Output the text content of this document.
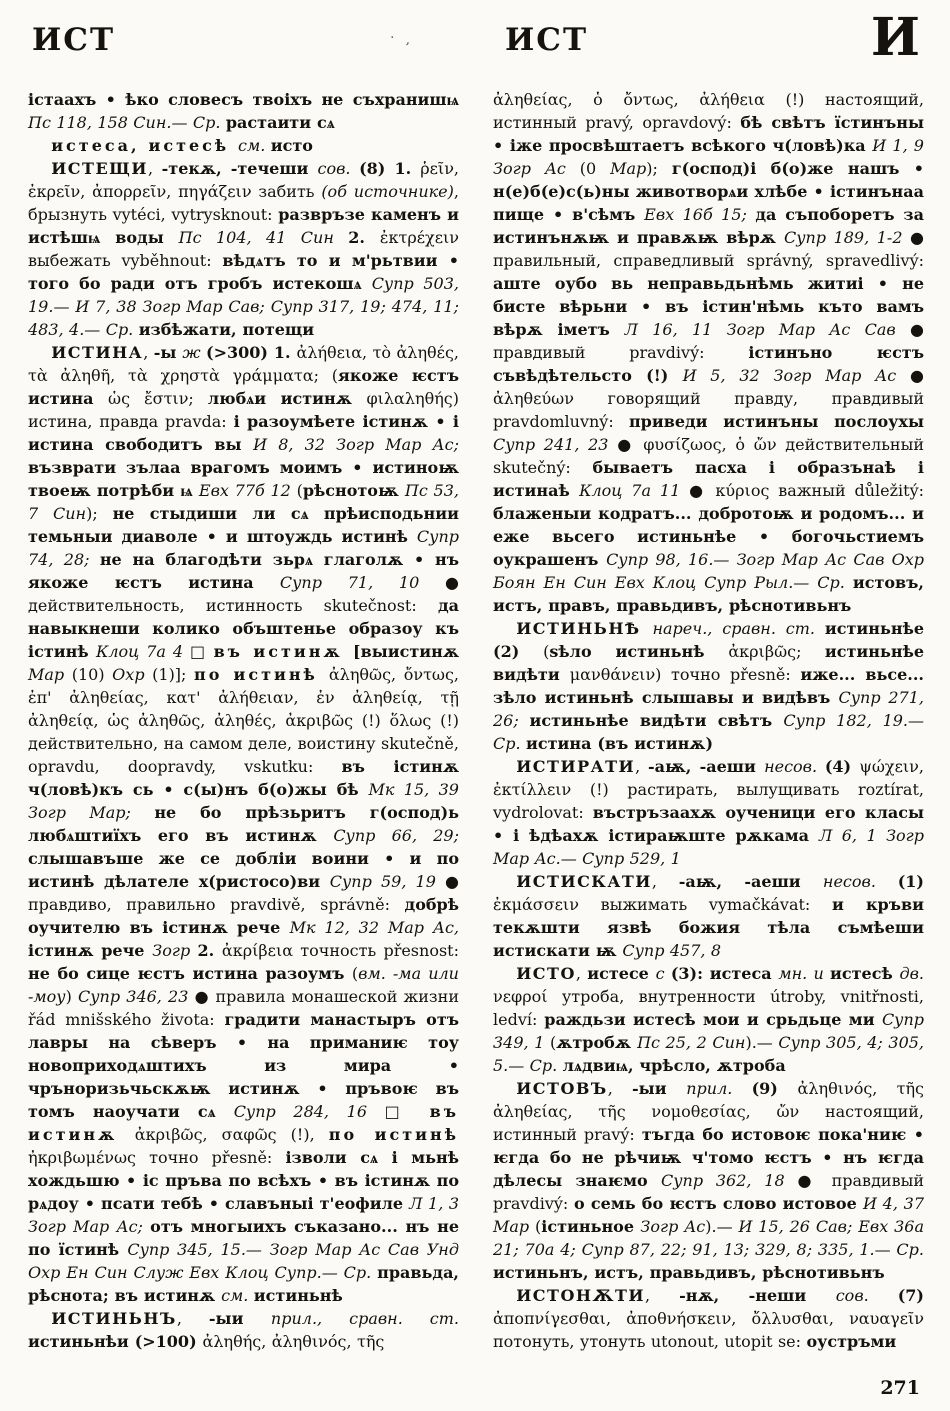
ИСТ	· ,	ИСТ	И

істаахъ • ѣко словесъ твоіхъ не съхранишѩ Пс 118, 158 Син.— Ср. растаити сѧ

истеса, истесѣ см. исто

ИСТЕЩИ, -текѫ, -течеши сов. (8) 1. ῥεῖν, ἐκρεῖν, ἀπορρεῖν, πηγάζειν забить (об источнике), брызнуть vytéci, vytrysknout: развръзе каменъ и истѣшѩ воды Пс 104, 41 Син 2. ἐκτρέχειν выбежать vyběhnout: вѣдѧтъ то и м'рьтвии • того бо ради отъ гробъ истекошѧ Супр 503, 19.— И 7, 38 Зогр Мар Сав; Супр 317, 19; 474, 11; 483, 4.— Ср. избѣжати, потещи

ИСТИНА, -ы ж (>300) 1. ἀλήθεια, τὸ ἀληθές, τὰ ἀληθῆ, τὰ χρηστὰ γράμματα; (якоже ѥстъ истина ὡς ἔστιν; любѧи истинѫ φιλαληθής) истина, правда pravda: і разоумѣете істинѫ • і истина свободитъ вы И 8, 32 Зогр Мар Ас; възврати зълаа врагомъ моимъ • истиноѭ твоеѭ потрѣби ѩ Евх 77б 12 (рѣснотоѭ Пс 53, 7 Син); не стыдиши ли сѧ прѣисподьнии темьныи диаволе • и штоуждь истинѣ Супр 74, 28; не на благодѣти зьрѧ глаголѫ • нъ якоже ѥстъ истина Супр 71, 10 ● действительность, истинность skutečnost: да навыкнеши колико объштенье образоу къ істинѣ Клоц 7а 4 □ въ истинѫ [выистинѫ Мар (10) Охр (1)]; по истинѣ ἀληθῶς, ὄντως, ἐπ' ἀληθείας, κατ' ἀλήθειαν, ἐν ἀληθείᾳ, τῇ ἀληθείᾳ, ὡς ἀληθῶς, ἀληθές, ἀκριβῶς (!) ὅλως (!) действительно, на самом деле, воистину skutečně, opravdu, doopravdy, vskutku: въ істинѫ ч(ловѣ)къ сь • с(ы)нъ б(о)жы бѣ Мк 15, 39 Зогр Мар; не бо прѣзьритъ г(оспод)ь любѧштиїхъ его въ истинѫ Супр 66, 29; слышавъше же се добліи воини • и по истинѣ дѣлателе х(ристосо)ви Супр 59, 19 ● правдиво, правильно pravdivě, správně: добрѣ оучителю въ істинѫ рече Мк 12, 32 Мар Ас, істинѫ рече Зогр 2. ἀκρίβεια точность přesnost: не бо сице ѥстъ истина разоумъ (вм. -ма или -моу) Супр 346, 23 ● правила монашеской жизни řád mnišského života: градити манастыръ отъ лавры на сѣверъ • на приманиѥ тоу новоприходѧштихъ из мира • чръноризьчьскѫѭ истинѫ • пръвоѥ въ томъ наоучати сѧ Супр 284, 16 □ въ истинѫ ἀκριβῶς, σαφῶς (!), по истинѣ ἠκριβωμένως точно přesně: ізволи сѧ і мьнѣ хождьшю • іс пръва по всѣхъ • въ істинѫ по рѧдоу • псати тебѣ • славъныі т'еофиле Л 1, 3 Зогр Мар Ас; отъ многыихъ съказано... нъ не по їстинѣ Супр 345, 15.— Зогр Мар Ас Сав Унд Охр Ен Син Служ Евх Клоц Супр.— Ср. правьда, рѣснота; въ истинѫ см. истиньнѣ

ИСТИНЬНЪ, -ыи прил., сравн. ст. истиньнѣи (>100) ἀληθής, ἀληθινός, τῆς

ἀληθείας, ὁ ὄντως, ἀλήθεια (!) настоящий, истинный pravý, opravdový: бѣ свѣтъ їстинъны • іже просвѣштаетъ всѣкого ч(ловѣ)ка И 1, 9 Зогр Ас (0 Мар); г(оспод)і б(о)же нашъ • н(е)б(е)с(ь)ны животворѧи хлѣбе • істинънаа пище • в'сѣмъ Евх 16б 15; да съпоборетъ за истинънѫѭ и правѫѭ вѣрѫ Супр 189, 1-2 ● правильный, справедливый správný, spravedlivý: аште оубо вь неправьдьнѣмь житиі • не бисте вѣрьни • въ істин'нѣмь къто вамъ вѣрѫ іметъ Л 16, 11 Зогр Мар Ас Сав ● правдивый pravdivý: істинъно ѥстъ съвѣдѣтельсто (!) И 5, 32 Зогр Мар Ас ● ἀληθεύων говорящий правду, правдивый pravdomluvný: приведи истинъны послоухы Супр 241, 23 ● φυσίζωος, ὁ ὤν действительный skutečný: бываетъ пасха і образънаѣ і истинаѣ Клоц 7а 11 ● κύριος важный důležitý: блаженыи кодратъ... добротоѭ и родомъ... и еже вьсего истиньнѣе • богочьстиемъ оукрашенъ Супр 98, 16.— Зогр Мар Ас Сав Охр Боян Ен Син Евх Клоц Супр Рыл.— Ср. истовъ, истъ, правъ, правьдивъ, рѣснотивьнъ

ИСТИНЬНѢ нареч., сравн. ст. истиньнѣе (2) (ѕѣло истиньнѣ ἀκριβῶς; истиньнѣе видѣти μανθάνειν) точно přesně: иже... вьсе... зѣло истиньнѣ слышавы и видѣвъ Супр 271, 26; истиньнѣе видѣти свѣтъ Супр 182, 19.— Ср. истина (въ истинѫ)

ИСТИРАТИ, -аѭ, -аеши несов. (4) ψώχειν, ἐκτίλλειν (!) растирать, вылущивать roztírat, vydrolovat: въстръзаахѫ оученици его класы • і ѣдѣахѫ істираѭште рѫкама Л 6, 1 Зогр Мар Ас.— Супр 529, 1

ИСТИСКАТИ, -аѭ, -аеши несов. (1) ἐκμάσσειν выжимать vymačkávat: и кръви текѫшти язвѣ божия тѣла съмѣеши истискати ѭ Супр 457, 8

ИСТО, истесе с (3): истеса мн. и истесѣ дв. νεφροί утроба, внутренности útroby, vnitřnosti, ledví: раждьзи истесѣ мои и срьдьце ми Супр 349, 1 (ѫтробѫ Пс 25, 2 Син).— Супр 305, 4; 305, 5.— Ср. лѧдвиѩ, чрѣсло, ѫтроба

ИСТОВЪ, -ыи прил. (9) ἀληθινός, τῆς ἀληθείας, τῆς νομοθεσίας, ὤν настоящий, истинный pravý: тъгда бо истовоѥ пока'ниѥ • ѥгда бо не рѣчиѭ ч'томо ѥстъ • нъ ѥгда дѣлесы знаѥмо Супр 362, 18 ● правдивый pravdivý: о семь бо ѥстъ слово истовое И 4, 37 Мар (істиньное Зогр Ас).— И 15, 26 Сав; Евх 36а 21; 70а 4; Супр 87, 22; 91, 13; 329, 8; 335, 1.— Ср. истиньнъ, истъ, правьдивъ, рѣснотивьнъ

ИСТОНѪТИ, -нѫ, -неши сов. (7) ἀποπνίγεσθαι, ἀποθνήσκειν, ὄλλυσθαι, ναυαγεῖν потонуть, утонуть utonout, utopit se: оустръми

271
